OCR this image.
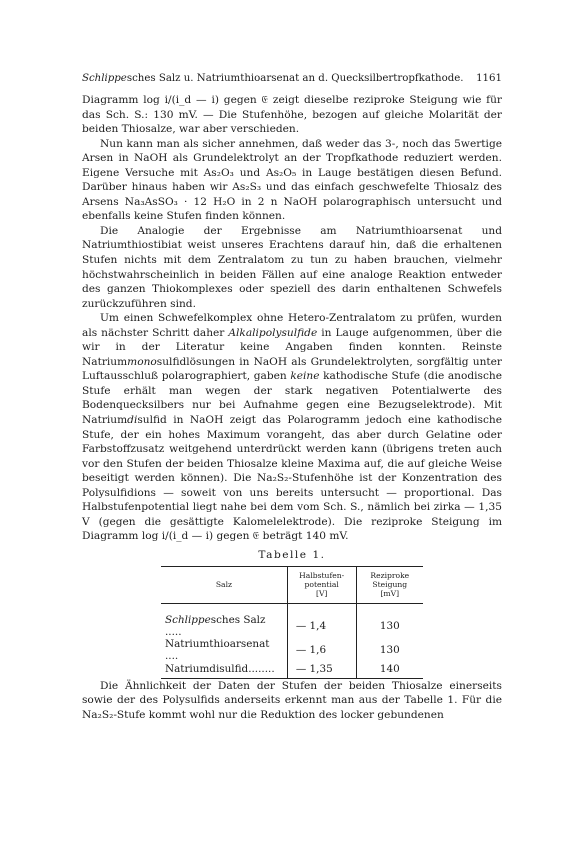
Schlippesches Salz u. Natriumthioarsenat an d. Quecksilbertropfkathode. 1161

Diagramm log i/(i_d — i) gegen 𝔈 zeigt dieselbe reziproke Steigung wie für das Sch. S.: 130 mV. — Die Stufenhöhe, bezogen auf gleiche Molarität der beiden Thiosalze, war aber verschieden.

Nun kann man als sicher annehmen, daß weder das 3-, noch das 5wertige Arsen in NaOH als Grundelektrolyt an der Tropfkathode reduziert werden. Eigene Versuche mit As₂O₃ und As₂O₅ in Lauge bestätigen diesen Befund. Darüber hinaus haben wir As₂S₃ und das einfach geschwefelte Thiosalz des Arsens Na₃AsSO₃ · 12 H₂O in 2 n NaOH polarographisch untersucht und ebenfalls keine Stufen finden können.

Die Analogie der Ergebnisse am Natriumthioarsenat und Natriumthiostibiat weist unseres Erachtens darauf hin, daß die erhaltenen Stufen nichts mit dem Zentralatom zu tun zu haben brauchen, vielmehr höchstwahrscheinlich in beiden Fällen auf eine analoge Reaktion entweder des ganzen Thiokomplexes oder speziell des darin enthaltenen Schwefels zurückzuführen sind.

Um einen Schwefelkomplex ohne Hetero-Zentralatom zu prüfen, wurden als nächster Schritt daher Alkalipolysulfide in Lauge aufgenommen, über die wir in der Literatur keine Angaben finden konnten. Reinste Natriummonosulfidlösungen in NaOH als Grundelektrolyten, sorgfältig unter Luftausschluß polarographiert, gaben keine kathodische Stufe (die anodische Stufe erhält man wegen der stark negativen Potentialwerte des Bodenquecksilbers nur bei Aufnahme gegen eine Bezugselektrode). Mit Natriumdisulfid in NaOH zeigt das Polarogramm jedoch eine kathodische Stufe, der ein hohes Maximum vorangeht, das aber durch Gelatine oder Farbstoffzusatz weitgehend unterdrückt werden kann (übrigens treten auch vor den Stufen der beiden Thiosalze kleine Maxima auf, die auf gleiche Weise beseitigt werden können). Die Na₂S₂-Stufenhöhe ist der Konzentration des Polysulfidions — soweit von uns bereits untersucht — proportional. Das Halbstufenpotential liegt nahe bei dem vom Sch. S., nämlich bei zirka — 1,35 V (gegen die gesättigte Kalomelelektrode). Die reziproke Steigung im Diagramm log i/(i_d — i) gegen 𝔈 beträgt 140 mV.

Tabelle 1.
Salz	Halbstufen-
potential
[V]	Reziproke
Steigung
[mV]
Schlippesches Salz .....	— 1,4	130
Natriumthioarsenat ....	— 1,6	130
Natriumdisulfid........	— 1,35	140

Die Ähnlichkeit der Daten der Stufen der beiden Thiosalze einerseits sowie der des Polysulfids anderseits erkennt man aus der Tabelle 1. Für die Na₂S₂-Stufe kommt wohl nur die Reduktion des locker gebundenen
